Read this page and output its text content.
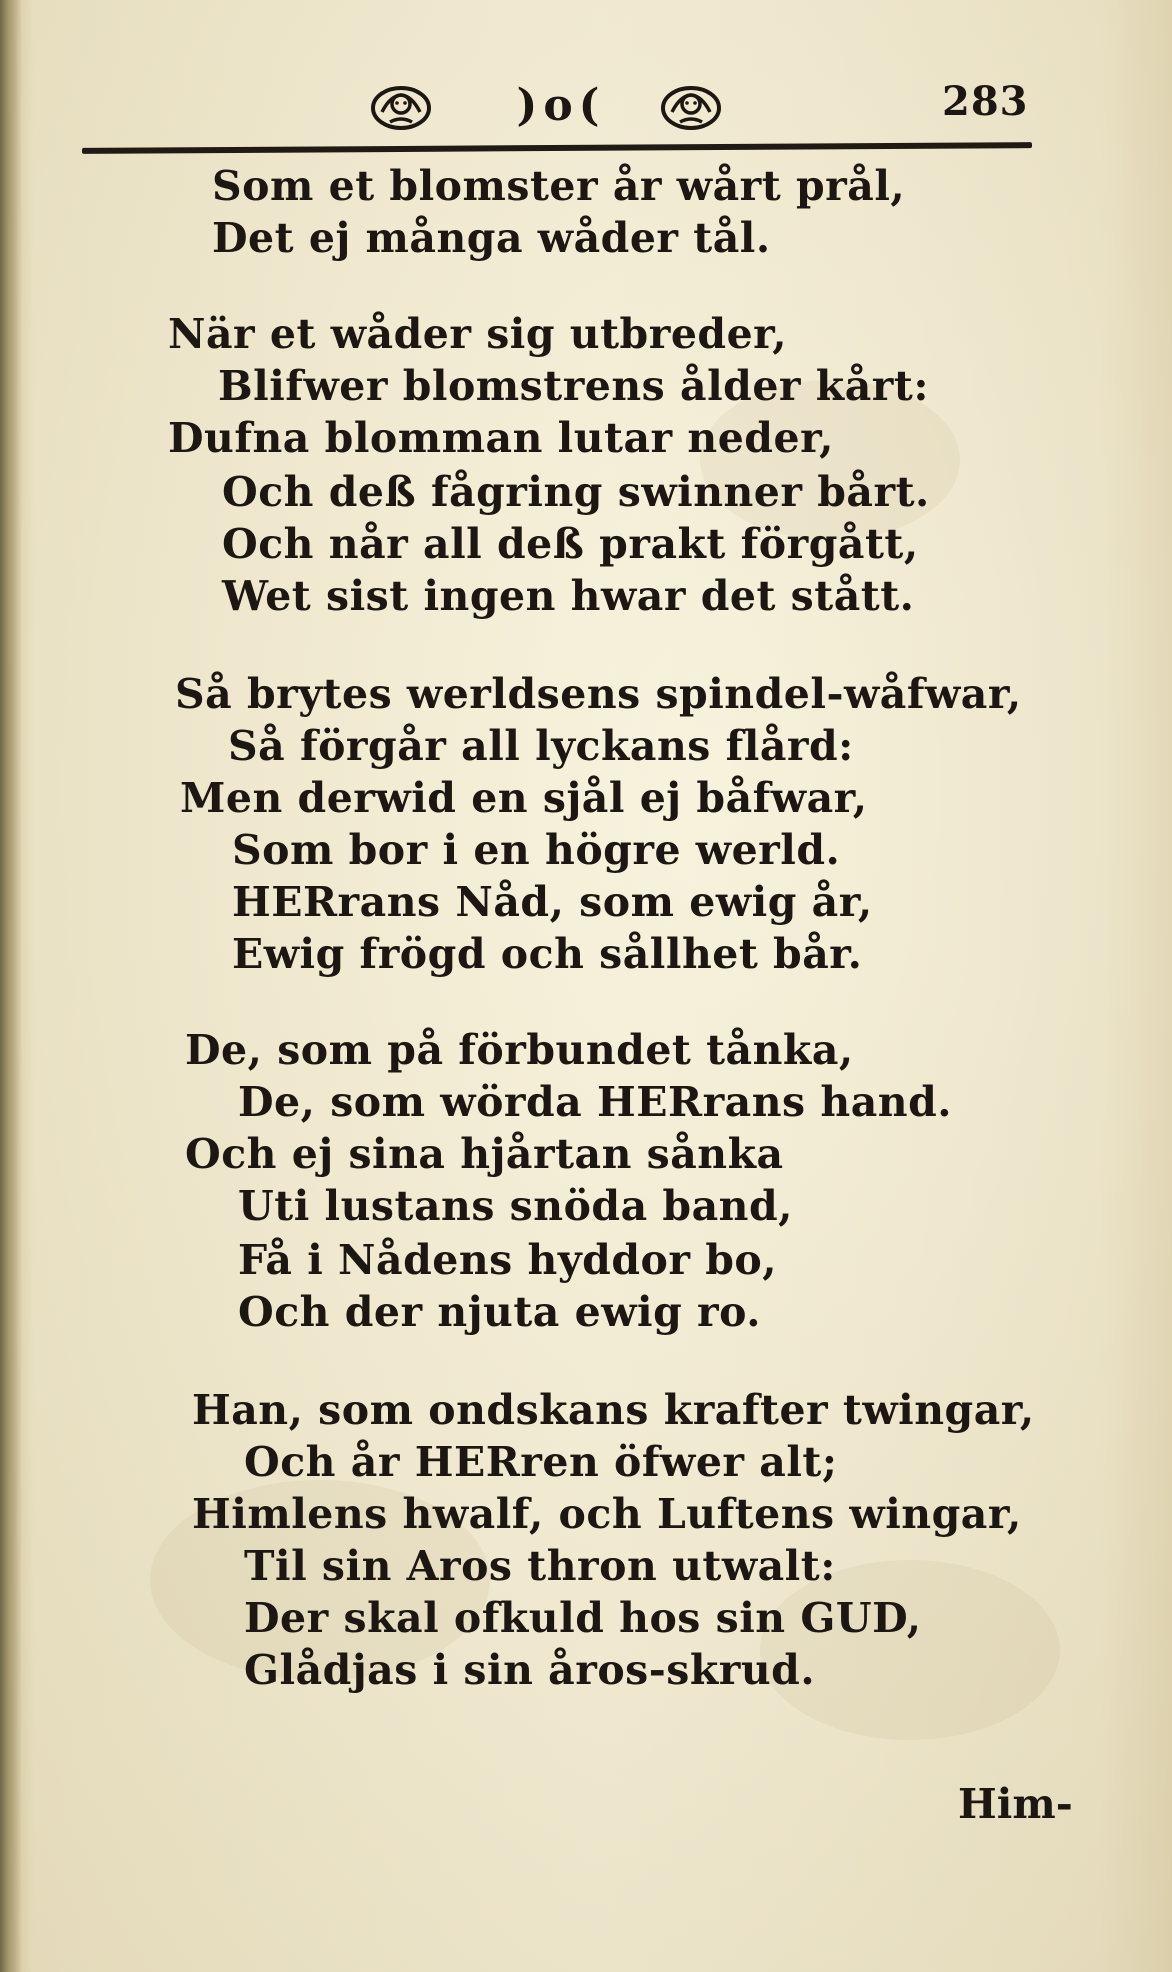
)o(	283
Som et blomster år wårt prål,
Det ej många wåder tål.
När et wåder sig utbreder,
Blifwer blomstrens ålder kårt:
Dufna blomman lutar neder,
Och deß fågring swinner bårt.
Och når all deß prakt förgått,
Wet sist ingen hwar det stått.
Så brytes werldsens spindel-wåfwar,
Så förgår all lyckans flård:
Men derwid en sjål ej båfwar,
Som bor i en högre werld.
HERrans Nåd, som ewig år,
Ewig frögd och sållhet bår.
De, som på förbundet tånka,
De, som wörda HERrans hand.
Och ej sina hjårtan sånka
Uti lustans snöda band,
Få i Nådens hyddor bo,
Och der njuta ewig ro.
Han, som ondskans krafter twingar,
Och år HERren öfwer alt;
Himlens hwalf, och Luftens wingar,
Til sin Aros thron utwalt:
Der skal ofkuld hos sin GUD,
Glådjas i sin åros-skrud.
Him-
